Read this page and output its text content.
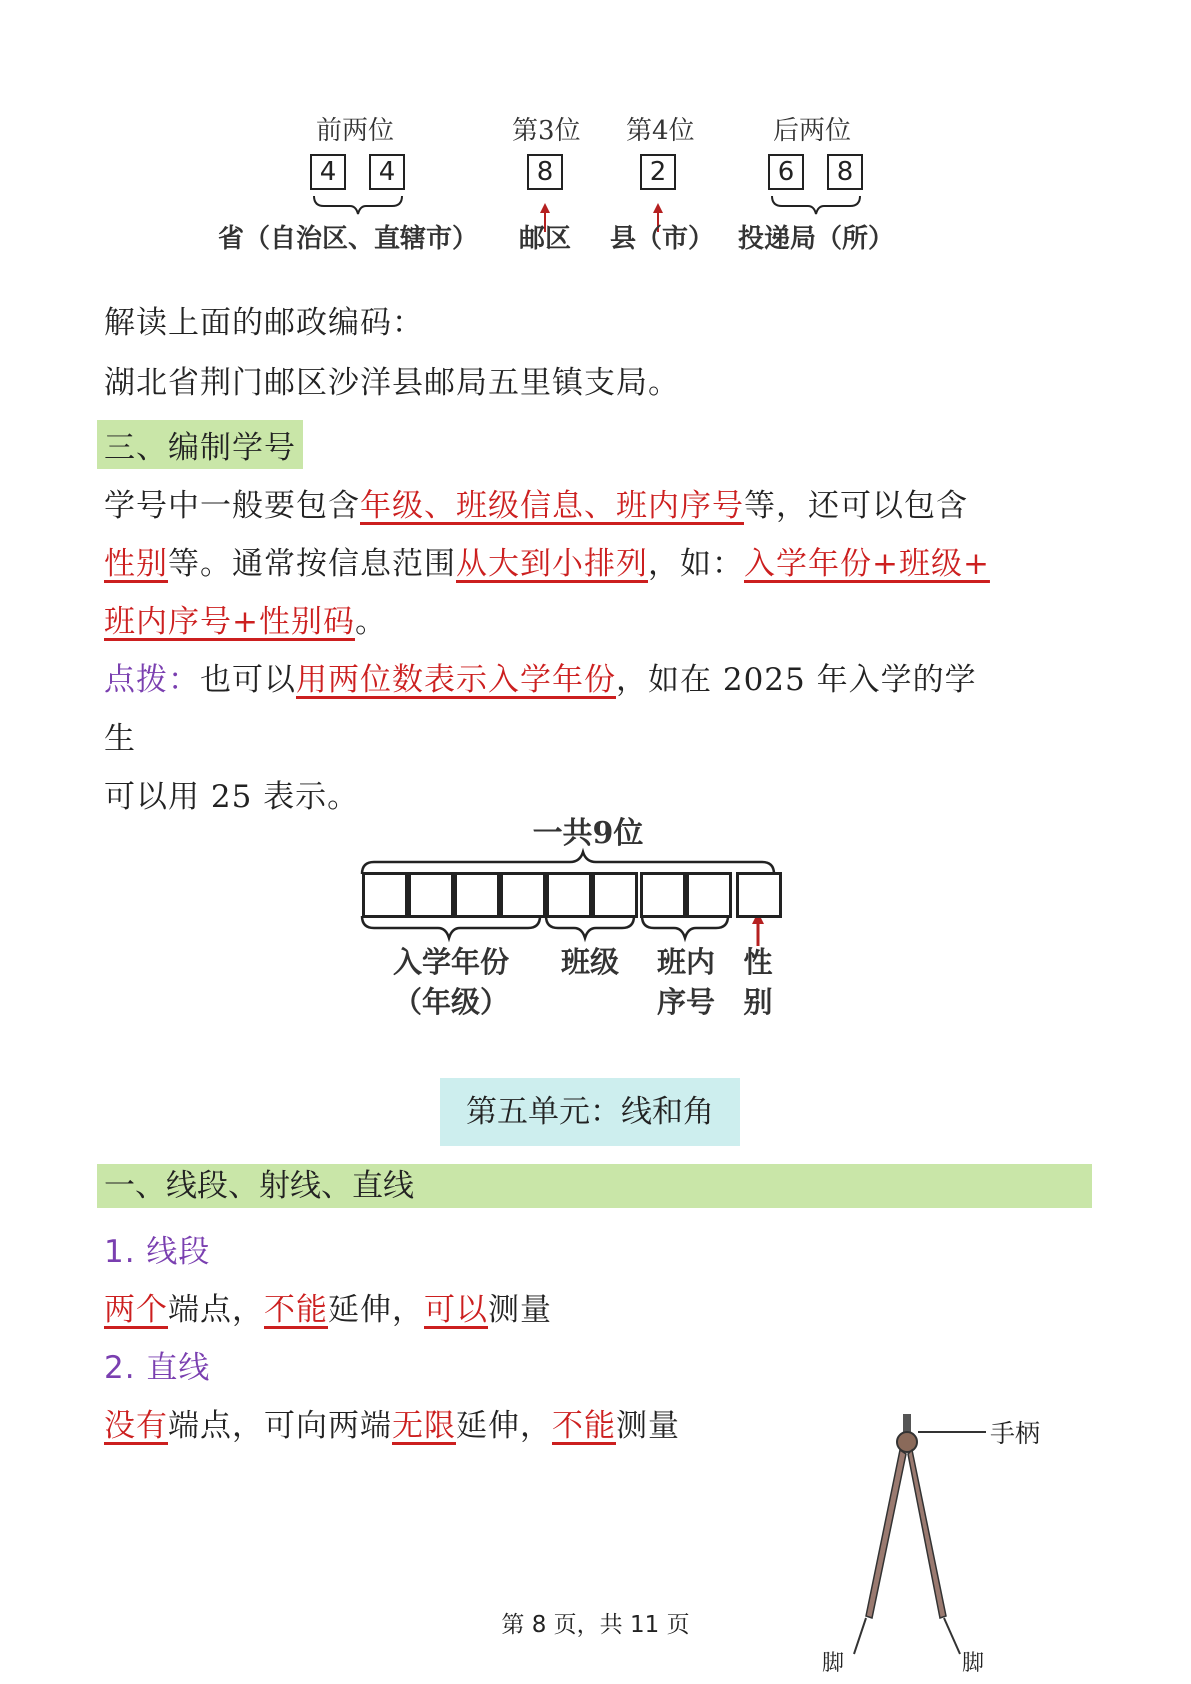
前两位	第3位 第4位	后两位
4	4	8	2	6	8
省（自治区、直辖市） 邮区 县（市） 投递局（所）
解读上面的邮政编码：
湖北省荆门邮区沙洋县邮局五里镇支局。
三、编制学号
学号中一般要包含年级、班级信息、班内序号等，还可以包含
性别等。通常按信息范围从大到小排列，如：入学年份+班级+
班内序号+性别码。
点拨：也可以用两位数表示入学年份，如在 2025 年入学的学
生
可以用 25 表示。
一共9位
入学年份
（年级）
班级	班内
序号
性
别
第五单元：线和角
一、线段、射线、直线
1. 线段
两个端点，不能延伸，可以测量
2. 直线
没有端点，可向两端无限延伸，不能测量	手柄
脚	脚
第 8 页，共 11 页
